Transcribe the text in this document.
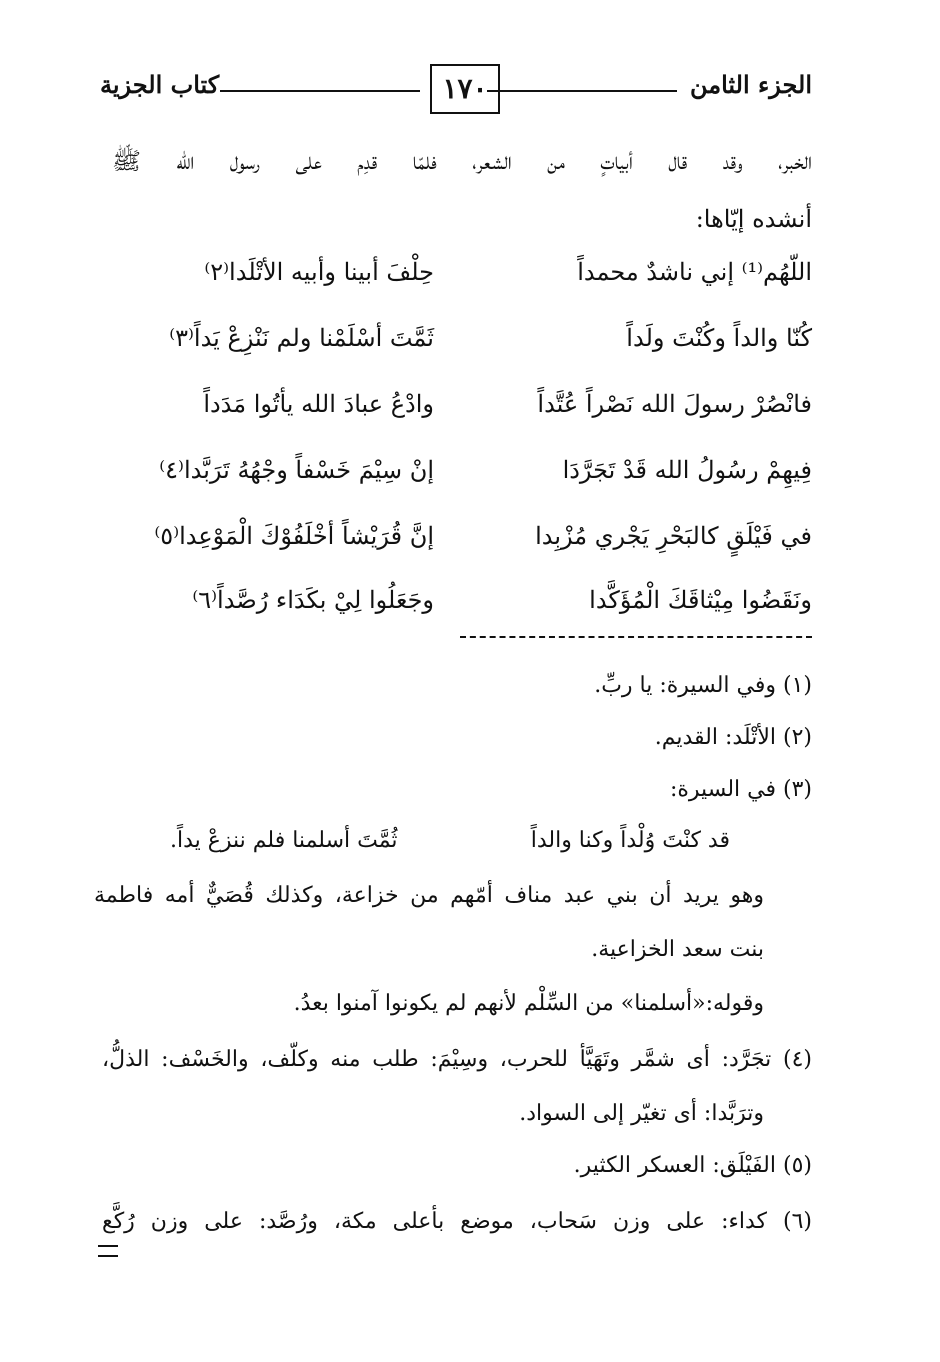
الجزء الثامن
١٧٠
كتاب الجزية
الخبر، وقد قال أبياتٍ من الشعر، فلمّا قدِم على رسول الله ﷺ
أنشده إيّاها:
اللّهُم⁽¹⁾ إني ناشدٌ محمداً
حِلْفَ أبينا وأبيه الأتْلَدا⁽٢⁾
كُنّا والداً وكُنْتَ ولَداً
ثَمَّتَ أسْلَمْنا ولم نَنْزِعْ يَداً⁽٣⁾
فانْصُرْ رسولَ الله نَصْراً عُتَّداً
وادْعُ عبادَ الله يأتُوا مَدَداً
فِيهِمْ رسُولُ الله قَدْ تَجَرَّدَا
إنْ سِيْمَ خَسْفاً وجْهُهُ تَرَبَّدا⁽٤⁾
في فَيْلَقٍ كالبَحْرِ يَجْري مُزْبِدا
إنَّ قُرَيْشاً أخْلَفُوْكَ الْمَوْعِدا⁽٥⁾
ونَقَضُوا مِيْثاقَكَ الْمُؤَكَّدا
وجَعَلُوا لِيْ بكَدَاء رُصَّداً⁽٦⁾
(١) وفي السيرة: يا ربِّ.
(٢) الأتْلَد: القديم.
(٣) في السيرة:
قد كنْتَ وُلْداً وكنا والداً
ثُمَّتَ أسلمنا فلم ننزعْ يداً.
وهو يريد أن بني عبد مناف أمّهم من خزاعة، وكذلك قُصَيٌّ أمه فاطمة
بنت سعد الخزاعية.
وقوله:«أسلمنا» من السِّلْم لأنهم لم يكونوا آمنوا بعدُ.
(٤) تجَرَّد: أى شمَّر وتَهَيَّأ للحرب، وسِيْمَ: طلب منه وكلّف، والخَسْف: الذلُّ،
وترَبَّدا: أى تغيّر إلى السواد.
(٥) الفَيْلَق: العسكر الكثير.
(٦) كداء: على وزن سَحاب، موضع بأعلى مكة، ورُصَّد: على وزن رُكَّع
